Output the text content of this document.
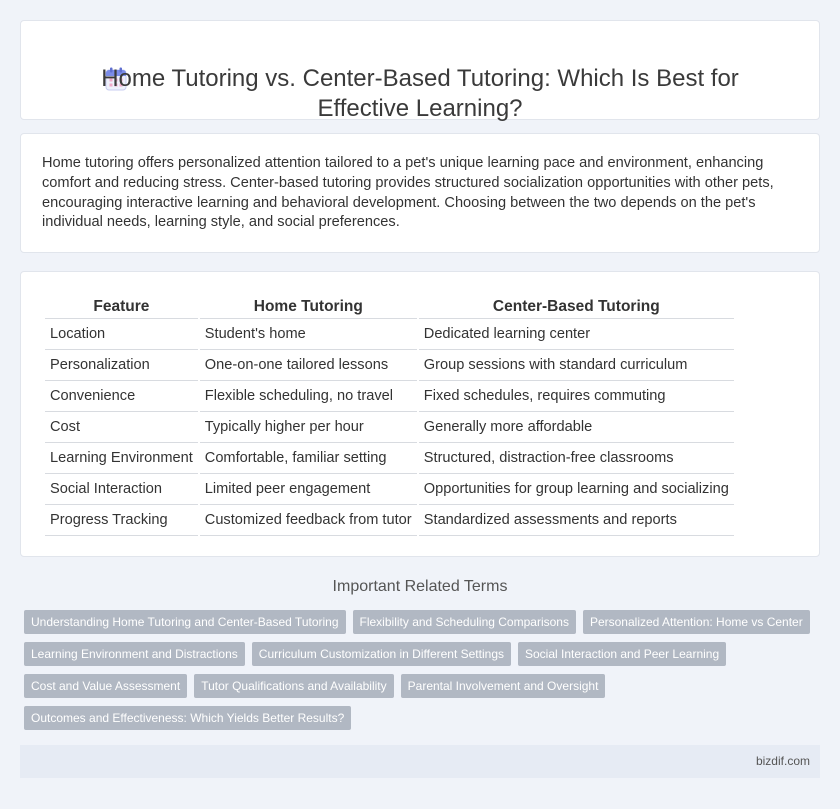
Home Tutoring vs. Center-Based Tutoring: Which Is Best for Effective Learning?

Home tutoring offers personalized attention tailored to a pet's unique learning pace and environment, enhancing comfort and reducing stress. Center-based tutoring provides structured socialization opportunities with other pets, encouraging interactive learning and behavioral development. Choosing between the two depends on the pet's individual needs, learning style, and social preferences.

Feature	Home Tutoring	Center-Based Tutoring
Location	Student's home	Dedicated learning center
Personalization	One-on-one tailored lessons	Group sessions with standard curriculum
Convenience	Flexible scheduling, no travel	Fixed schedules, requires commuting
Cost	Typically higher per hour	Generally more affordable
Learning Environment	Comfortable, familiar setting	Structured, distraction-free classrooms
Social Interaction	Limited peer engagement	Opportunities for group learning and socializing
Progress Tracking	Customized feedback from tutor	Standardized assessments and reports
Important Related Terms
Understanding Home Tutoring and Center-Based Tutoring	Flexibility and Scheduling Comparisons	Personalized Attention: Home vs Center
Learning Environment and Distractions	Curriculum Customization in Different Settings	Social Interaction and Peer Learning
Cost and Value Assessment	Tutor Qualifications and Availability	Parental Involvement and Oversight
Outcomes and Effectiveness: Which Yields Better Results?
bizdif.com
